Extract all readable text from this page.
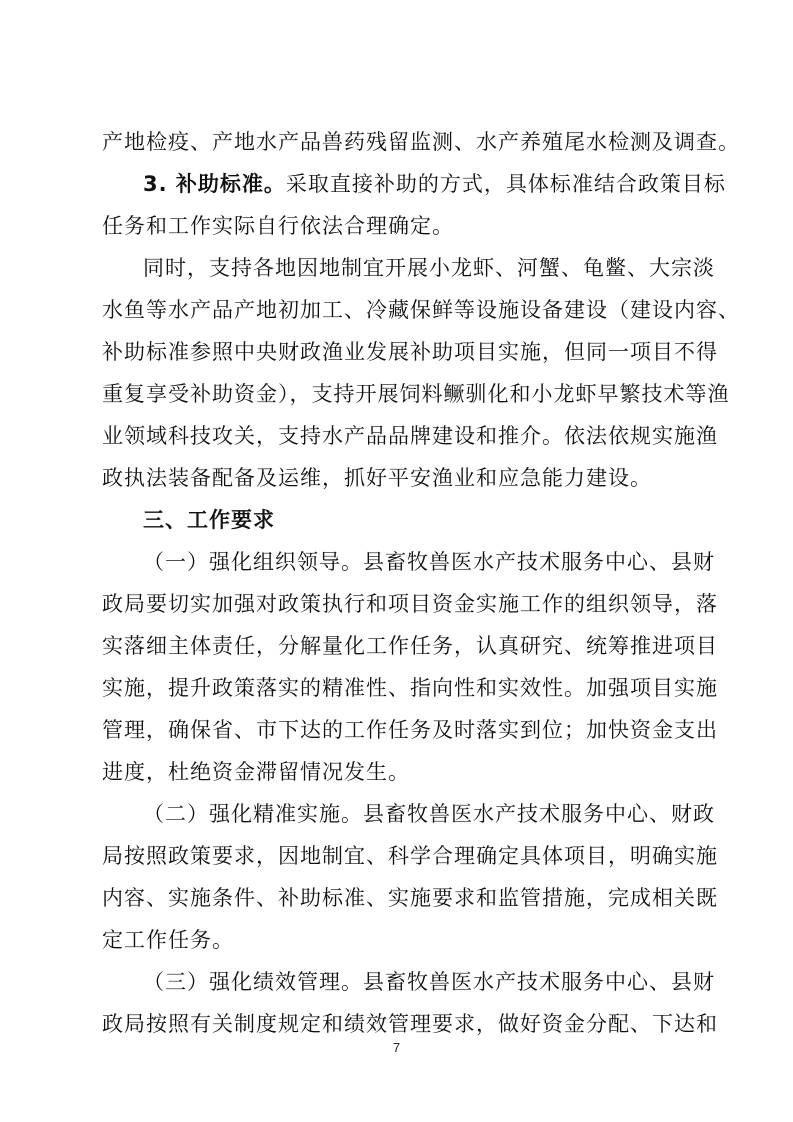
产地检疫、产地水产品兽药残留监测、水产养殖尾水检测及调查。
3. 补助标准。采取直接补助的方式，具体标准结合政策目标
任务和工作实际自行依法合理确定。
同时，支持各地因地制宜开展小龙虾、河蟹、龟鳖、大宗淡
水鱼等水产品产地初加工、冷藏保鲜等设施设备建设（建设内容、
补助标准参照中央财政渔业发展补助项目实施，但同一项目不得
重复享受补助资金），支持开展饲料鳜驯化和小龙虾早繁技术等渔
业领域科技攻关，支持水产品品牌建设和推介。依法依规实施渔
政执法装备配备及运维，抓好平安渔业和应急能力建设。
三、工作要求
（一）强化组织领导。县畜牧兽医水产技术服务中心、县财
政局要切实加强对政策执行和项目资金实施工作的组织领导，落
实落细主体责任，分解量化工作任务，认真研究、统筹推进项目
实施，提升政策落实的精准性、指向性和实效性。加强项目实施
管理，确保省、市下达的工作任务及时落实到位；加快资金支出
进度，杜绝资金滞留情况发生。
（二）强化精准实施。县畜牧兽医水产技术服务中心、财政
局按照政策要求，因地制宜、科学合理确定具体项目，明确实施
内容、实施条件、补助标准、实施要求和监管措施，完成相关既
定工作任务。
（三）强化绩效管理。县畜牧兽医水产技术服务中心、县财
政局按照有关制度规定和绩效管理要求，做好资金分配、下达和
7
